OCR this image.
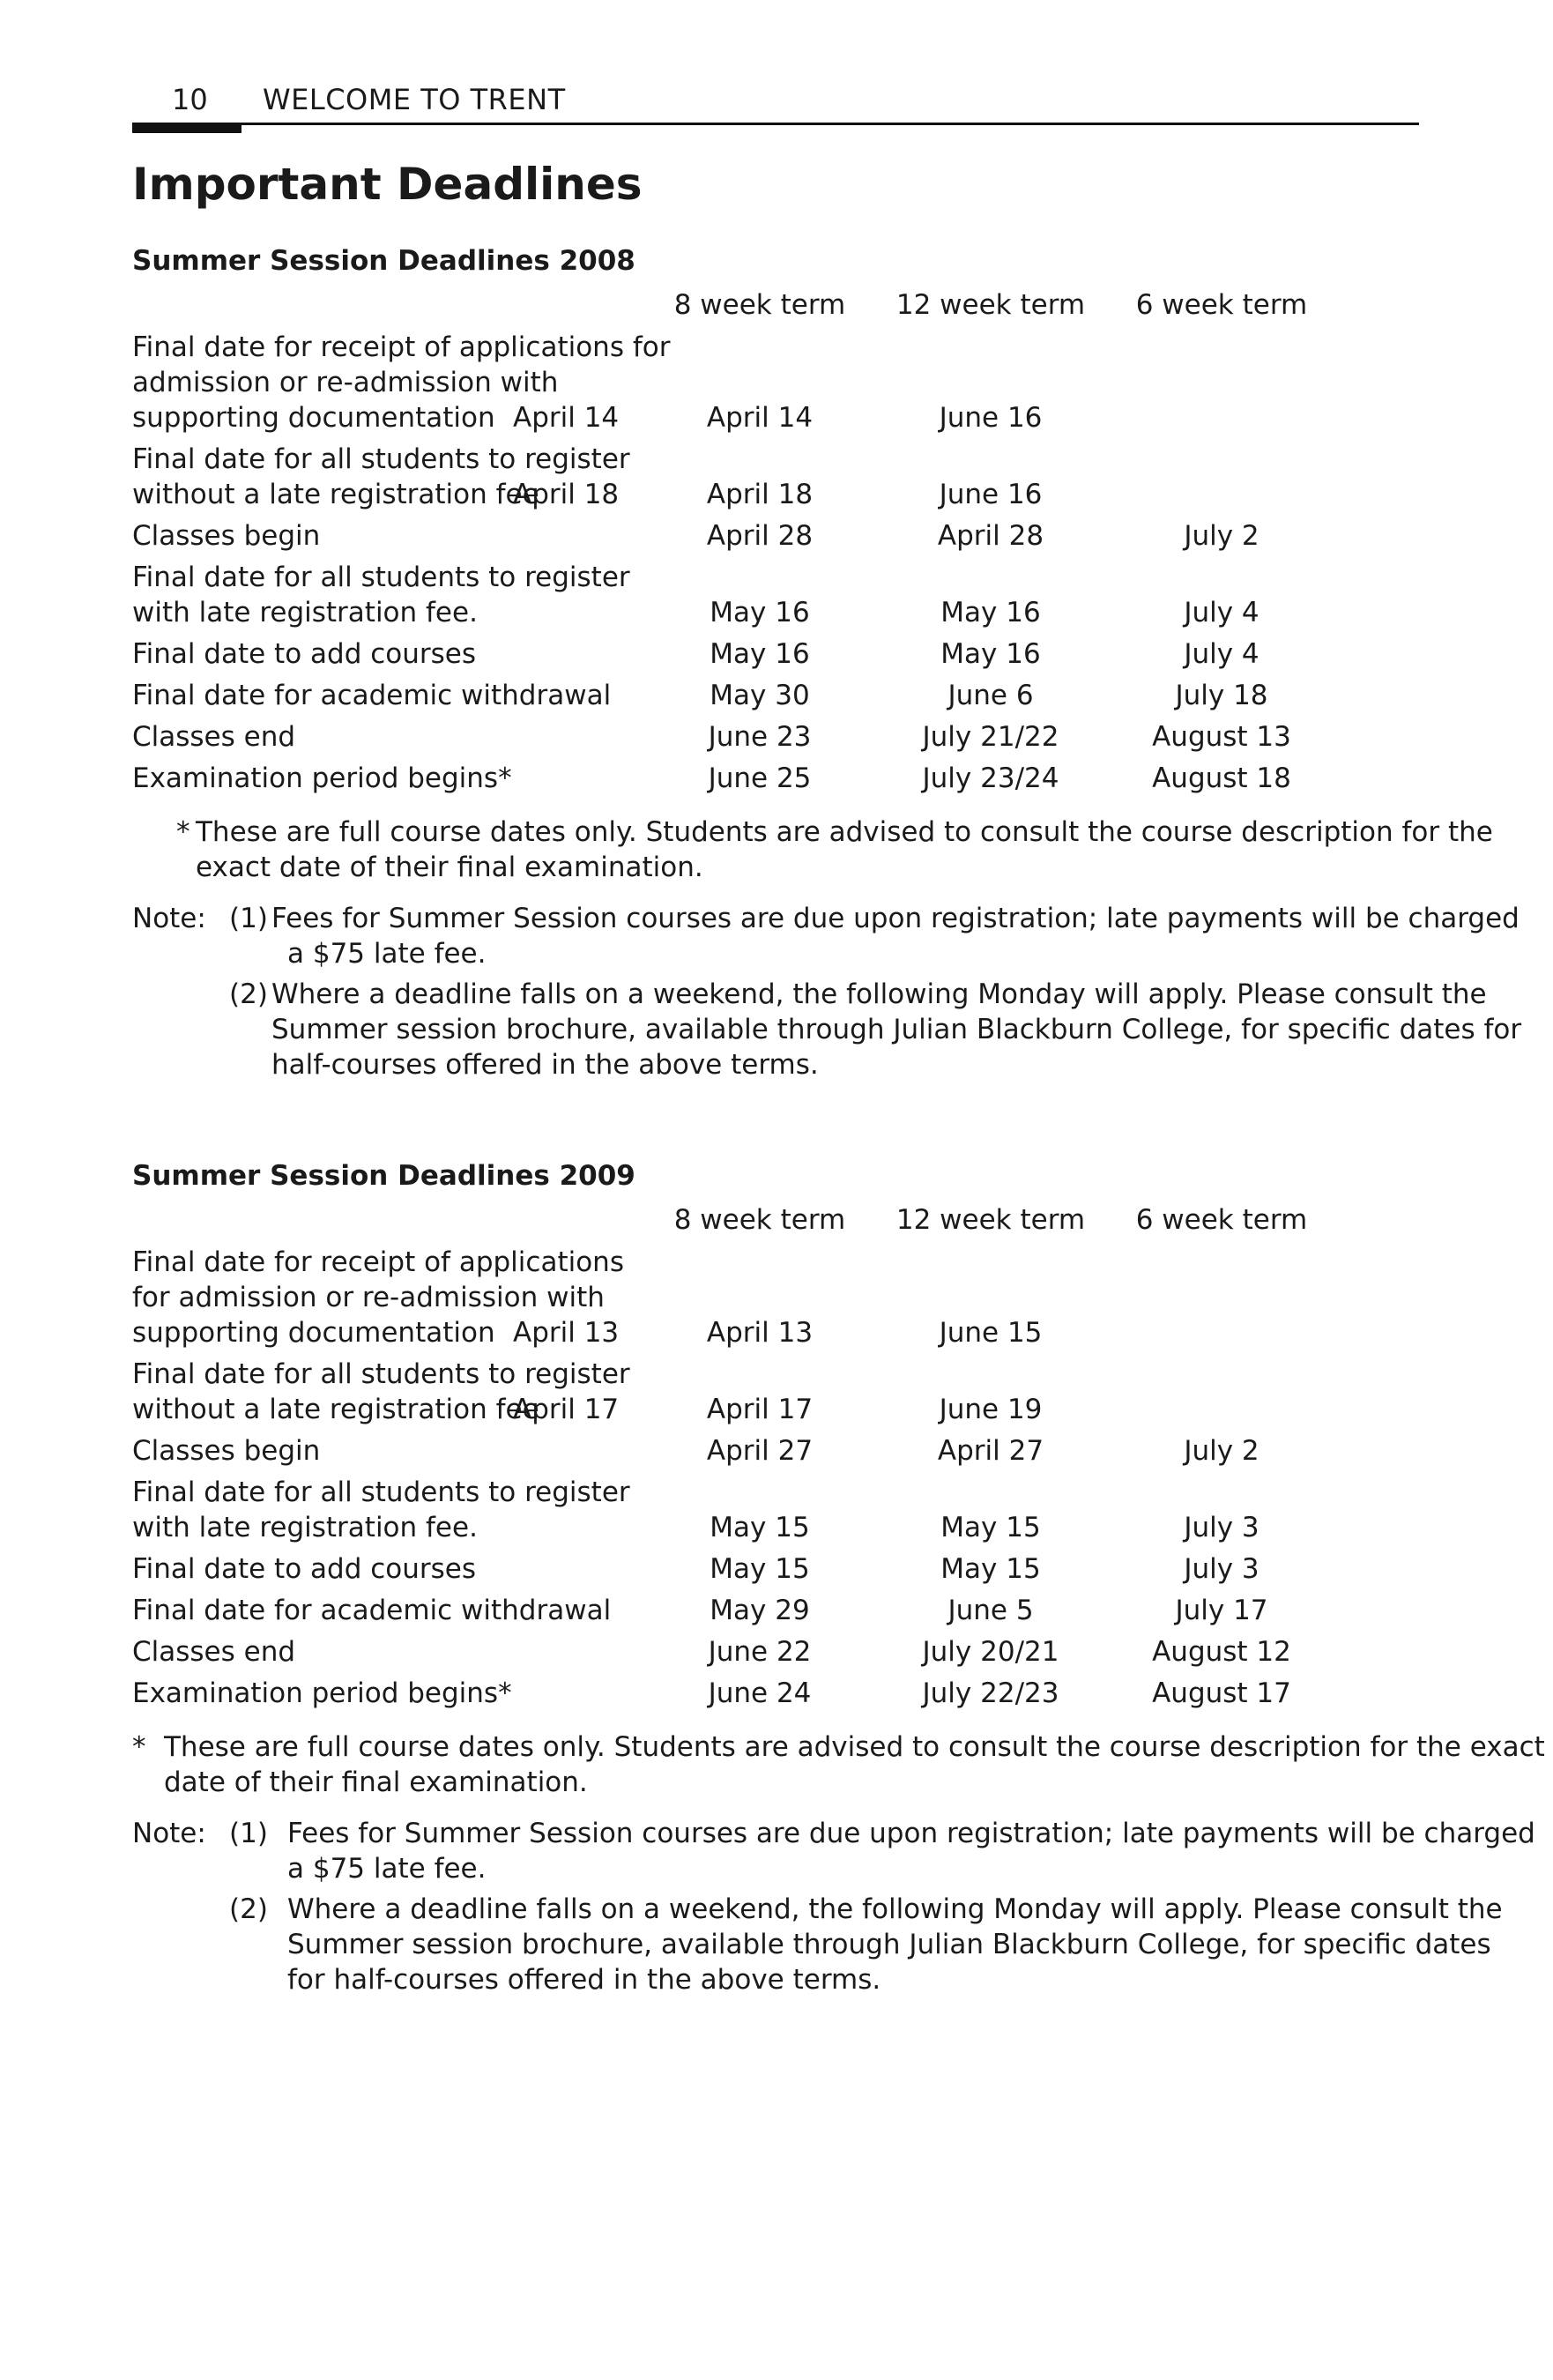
10 WELCOME TO TRENT
Important Deadlines
Summer Session Deadlines 2008
8 week term	12 week term	6 week term
Final date for receipt of applications for
admission or re-admission with
supporting documentation April 14	April 14	June 16
Final date for all students to register
without a late registration fee
April 18	April 18	June 16
Classes begin	April 28	April 28	July 2
Final date for all students to register
with late registration fee.	May 16	May 16	July 4
Final date to add courses	May 16	May 16	July 4
Final date for academic withdrawal	May 30	June 6	July 18
Classes end	June 23	July 21/22	August 13
Examination period begins*	June 25	July 23/24	August 18
* These are full course dates only. Students are advised to consult the course description for the
exact date of their final examination.
Note: (1) Fees for Summer Session courses are due upon registration; late payments will be charged
a $75 late fee.
(2) Where a deadline falls on a weekend, the following Monday will apply. Please consult the
Summer session brochure, available through Julian Blackburn College, for specific dates for
half-courses offered in the above terms.
Summer Session Deadlines 2009
8 week term	12 week term	6 week term
Final date for receipt of applications
for admission or re-admission with
supporting documentation April 13	April 13	June 15
Final date for all students to register
without a late registration fee
April 17	April 17	June 19
Classes begin	April 27	April 27	July 2
Final date for all students to register
with late registration fee.	May 15	May 15	July 3
Final date to add courses	May 15	May 15	July 3
Final date for academic withdrawal	May 29	June 5	July 17
Classes end	June 22	July 20/21	August 12
Examination period begins*	June 24	July 22/23	August 17
* These are full course dates only. Students are advised to consult the course description for the exact
date of their final examination.
Note: (1) Fees for Summer Session courses are due upon registration; late payments will be charged
a $75 late fee.
(2) Where a deadline falls on a weekend, the following Monday will apply. Please consult the
Summer session brochure, available through Julian Blackburn College, for specific dates
for half-courses offered in the above terms.
